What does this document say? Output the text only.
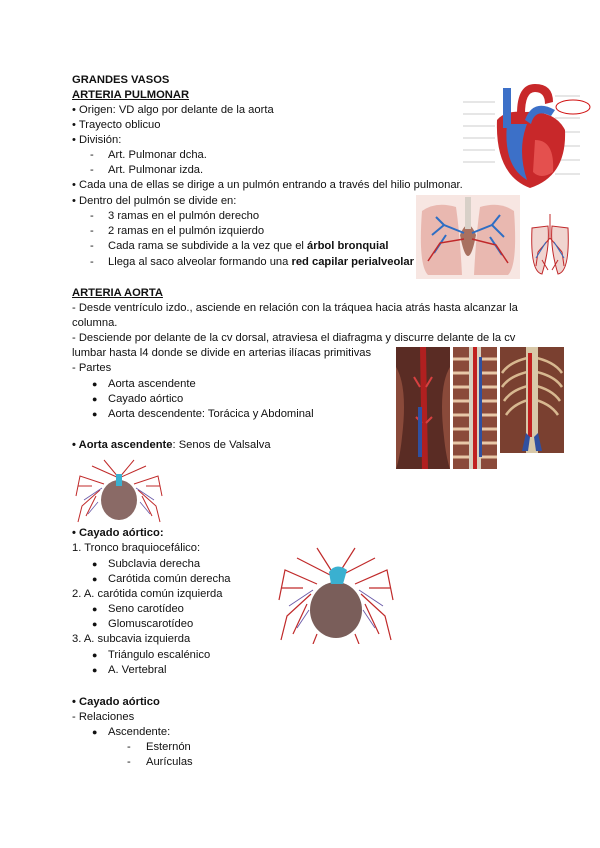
GRANDES VASOS
ARTERIA PULMONAR
• Origen: VD algo por delante de la aorta
• Trayecto oblicuo
• División:
- Art. Pulmonar dcha.
- Art. Pulmonar izda.
• Cada una de ellas se dirige a un pulmón entrando a través del hilio pulmonar.
• Dentro del pulmón se divide en:
- 3 ramas en el pulmón derecho
- 2 ramas en el pulmón izquierdo
- Cada rama se subdivide a la vez que el árbol bronquial
- Llega al saco alveolar formando una red capilar perialveolar
ARTERIA AORTA
- Desde ventrículo izdo., asciende en relación con la tráquea hacia atrás hasta alcanzar la
columna.
- Desciende por delante de la cv dorsal, atraviesa el diafragma y discurre delante de la cv
lumbar hasta l4 donde se divide en arterias ilíacas primitivas
- Partes
● Aorta ascendente
● Cayado aórtico
● Aorta descendente: Torácica y Abdominal
• Aorta ascendente: Senos de Valsalva
• Cayado aórtico:
1. Tronco braquiocefálico:
● Subclavia derecha
● Carótida común derecha
2. A. carótida común izquierda
● Seno carotídeo
● Glomuscarotídeo
3. A. subcavia izquierda
● Triángulo escalénico
● A. Vertebral
• Cayado aórtico
- Relaciones
● Ascendente:
- Esternón
- Aurículas
